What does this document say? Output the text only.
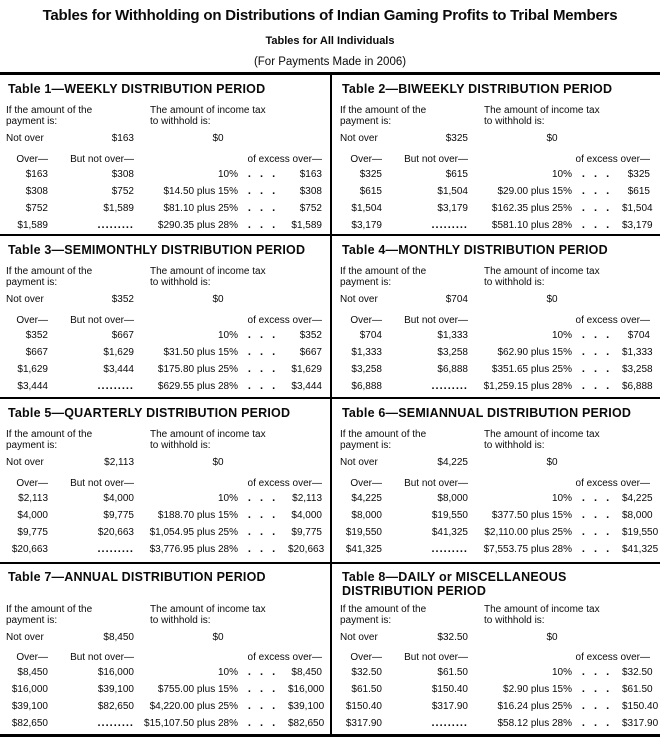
Tables for Withholding on Distributions of Indian Gaming Profits to Tribal Members
Tables for All Individuals
(For Payments Made in 2006)
Table 1—WEEKLY DISTRIBUTION PERIOD
If the amount of the
payment is:
The amount of income tax
to withhold is:
Not over	$163	$0
Over—	But not over—	of excess over—
$163	$308	10% . . .	$163
$308	$752	$14.50 plus 15% . . .	$308
$752	$1,589	$81.10 plus 25% . . .	$752
$1,589	.........	$290.35 plus 28% . . .	$1,589
Table 2—BIWEEKLY DISTRIBUTION PERIOD
If the amount of the
payment is:
The amount of income tax
to withhold is:
Not over	$325	$0
Over—	But not over—	of excess over—
$325	$615	10% . . .	$325
$615	$1,504	$29.00 plus 15% . . .	$615
$1,504	$3,179	$162.35 plus 25% . . . $1,504
$3,179	.........	$581.10 plus 28% . . . $3,179
Table 3—SEMIMONTHLY DISTRIBUTION PERIOD
If the amount of the
payment is:
The amount of income tax
to withhold is:
Not over	$352	$0
Over—	But not over—	of excess over—
$352	$667	10% . . .	$352
$667	$1,629	$31.50 plus 15% . . .	$667
$1,629	$3,444	$175.80 plus 25% . . .	$1,629
$3,444	.........	$629.55 plus 28% . . .	$3,444
Table 4—MONTHLY DISTRIBUTION PERIOD
If the amount of the
payment is:
The amount of income tax
to withhold is:
Not over	$704	$0
Over—	But not over—	of excess over—
$704	$1,333	10% . . .	$704
$1,333	$3,258	$62.90 plus 15% . . . $1,333
$3,258	$6,888	$351.65 plus 25% . . . $3,258
$6,888	.........	$1,259.15 plus 28% . . . $6,888
Table 5—QUARTERLY DISTRIBUTION PERIOD
If the amount of the
payment is:
The amount of income tax
to withhold is:
Not over	$2,113	$0
Over—	But not over—	of excess over—
$2,113	$4,000	10% . . .	$2,113
$4,000	$9,775	$188.70 plus 15% . . .	$4,000
$9,775	$20,663	$1,054.95 plus 25% . . .	$9,775
$20,663	.........	$3,776.95 plus 28% . . . $20,663
Table 6—SEMIANNUAL DISTRIBUTION PERIOD
If the amount of the
payment is:
The amount of income tax
to withhold is:
Not over	$4,225	$0
Over—	But not over—	of excess over—
$4,225	$8,000	10% . . . $4,225
$8,000	$19,550	$377.50 plus 15% . . . $8,000
$19,550	$41,325	$2,110.00 plus 25% . . . $19,550
$41,325	.........	$7,553.75 plus 28% . . . $41,325
Table 7—ANNUAL DISTRIBUTION PERIOD
If the amount of the
payment is:
The amount of income tax
to withhold is:
Not over	$8,450	$0
Over—	But not over—	of excess over—
$8,450	$16,000	10% . . .	$8,450
$16,000	$39,100	$755.00 plus 15% . . . $16,000
$39,100	$82,650	$4,220.00 plus 25% . . . $39,100
$82,650	.........	$15,107.50 plus 28% . . . $82,650
Table 8—DAILY or MISCELLANEOUS DISTRIBUTION PERIOD
If the amount of the
payment is:
The amount of income tax
to withhold is:
Not over	$32.50	$0
Over—	But not over—	of excess over—
$32.50	$61.50	10% . . . $32.50
$61.50	$150.40	$2.90 plus 15% . . . $61.50
$150.40	$317.90	$16.24 plus 25% . . . $150.40
$317.90	.........	$58.12 plus 28% . . . $317.90
